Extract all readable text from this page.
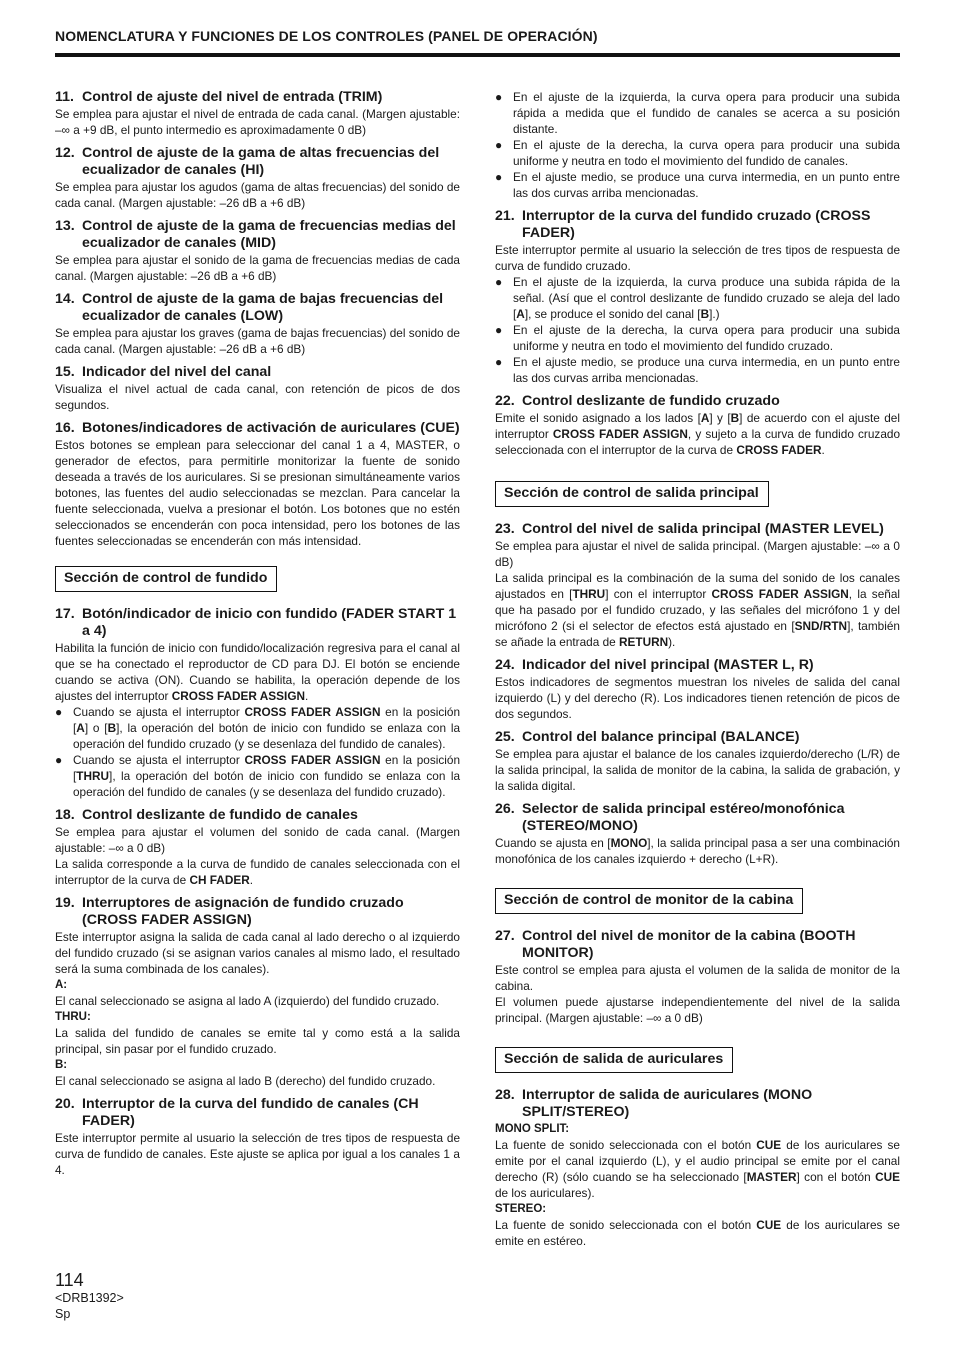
NOMENCLATURA Y FUNCIONES DE LOS CONTROLES (PANEL DE OPERACIÓN)
11. Control de ajuste del nivel de entrada (TRIM)

Se emplea para ajustar el nivel de entrada de cada canal. (Margen ajustable: –∞ a +9 dB, el punto intermedio es aproximadamente 0 dB)

12. Control de ajuste de la gama de altas frecuencias del ecualizador de canales (HI)

Se emplea para ajustar los agudos (gama de altas frecuencias) del sonido de cada canal. (Margen ajustable: –26 dB a +6 dB)

13. Control de ajuste de la gama de frecuencias medias del ecualizador de canales (MID)

Se emplea para ajustar el sonido de la gama de frecuencias medias de cada canal. (Margen ajustable: –26 dB a +6 dB)

14. Control de ajuste de la gama de bajas frecuencias del ecualizador de canales (LOW)

Se emplea para ajustar los graves (gama de bajas frecuencias) del sonido de cada canal. (Margen ajustable: –26 dB a +6 dB)

15. Indicador del nivel del canal

Visualiza el nivel actual de cada canal, con retención de picos de dos segundos.

16. Botones/indicadores de activación de auriculares (CUE)

Estos botones se emplean para seleccionar del canal 1 a 4, MASTER, o generador de efectos, para permitirle monitorizar la fuente de sonido deseada a través de los auriculares. Si se presionan simultáneamente varios botones, las fuentes del audio seleccionadas se mezclan. Para cancelar la fuente seleccionada, vuelva a presionar el botón. Los botones que no estén seleccionados se encenderán con poca intensidad, pero los botones de las fuentes seleccionadas se encenderán con más intensidad.

Sección de control de fundido
17. Botón/indicador de inicio con fundido (FADER START 1 a 4)

Habilita la función de inicio con fundido/localización regresiva para el canal al que se ha conectado el reproductor de CD para DJ. El botón se enciende cuando se activa (ON). Cuando se habilita, la operación depende de los ajustes del interruptor CROSS FADER ASSIGN.

● Cuando se ajusta el interruptor CROSS FADER ASSIGN en la posición [A] o [B], la operación del botón de inicio con fundido se enlaza con la operación del fundido cruzado (y se desenlaza del fundido de canales).
● Cuando se ajusta el interruptor CROSS FADER ASSIGN en la posición [THRU], la operación del botón de inicio con fundido se enlaza con la operación del fundido de canales (y se desenlaza del fundido cruzado).
18. Control deslizante de fundido de canales

Se emplea para ajustar el volumen del sonido de cada canal. (Margen ajustable: –∞ a 0 dB)

La salida corresponde a la curva de fundido de canales seleccionada con el interruptor de la curva de CH FADER.

19. Interruptores de asignación de fundido cruzado (CROSS FADER ASSIGN)

Este interruptor asigna la salida de cada canal al lado derecho o al izquierdo del fundido cruzado (si se asignan varios canales al mismo lado, el resultado será la suma combinada de los canales).

A:

El canal seleccionado se asigna al lado A (izquierdo) del fundido cruzado.

THRU:

La salida del fundido de canales se emite tal y como está a la salida principal, sin pasar por el fundido cruzado.

B:

El canal seleccionado se asigna al lado B (derecho) del fundido cruzado.

20. Interruptor de la curva del fundido de canales (CH FADER)

Este interruptor permite al usuario la selección de tres tipos de respuesta de curva de fundido de canales. Este ajuste se aplica por igual a los canales 1 a 4.

● En el ajuste de la izquierda, la curva opera para producir una subida rápida a medida que el fundido de canales se acerca a su posición distante.
● En el ajuste de la derecha, la curva opera para producir una subida uniforme y neutra en todo el movimiento del fundido de canales.
● En el ajuste medio, se produce una curva intermedia, en un punto entre las dos curvas arriba mencionadas.
21. Interruptor de la curva del fundido cruzado (CROSS FADER)

Este interruptor permite al usuario la selección de tres tipos de respuesta de curva de fundido cruzado.

● En el ajuste de la izquierda, la curva produce una subida rápida de la señal. (Así que el control deslizante de fundido cruzado se aleja del lado [A], se produce el sonido del canal [B].)
● En el ajuste de la derecha, la curva opera para producir una subida uniforme y neutra en todo el movimiento del fundido cruzado.
● En el ajuste medio, se produce una curva intermedia, en un punto entre las dos curvas arriba mencionadas.
22. Control deslizante de fundido cruzado

Emite el sonido asignado a los lados [A] y [B] de acuerdo con el ajuste del interruptor CROSS FADER ASSIGN, y sujeto a la curva de fundido cruzado seleccionada con el interruptor de la curva de CROSS FADER.

Sección de control de salida principal
23. Control del nivel de salida principal (MASTER LEVEL)

Se emplea para ajustar el nivel de salida principal. (Margen ajustable: –∞ a 0 dB)

La salida principal es la combinación de la suma del sonido de los canales ajustados en [THRU] con el interruptor CROSS FADER ASSIGN, la señal que ha pasado por el fundido cruzado, y las señales del micrófono 1 y del micrófono 2 (si el selector de efectos está ajustado en [SND/RTN], también se añade la entrada de RETURN).

24. Indicador del nivel principal (MASTER L, R)

Estos indicadores de segmentos muestran los niveles de salida del canal izquierdo (L) y del derecho (R). Los indicadores tienen retención de picos de dos segundos.

25. Control del balance principal (BALANCE)

Se emplea para ajustar el balance de los canales izquierdo/derecho (L/R) de la salida principal, la salida de monitor de la cabina, la salida de grabación, y la salida digital.

26. Selector de salida principal estéreo/monofónica (STEREO/MONO)

Cuando se ajusta en [MONO], la salida principal pasa a ser una combinación monofónica de los canales izquierdo + derecho (L+R).

Sección de control de monitor de la cabina
27. Control del nivel de monitor de la cabina (BOOTH MONITOR)

Este control se emplea para ajusta el volumen de la salida de monitor de la cabina.

El volumen puede ajustarse independientemente del nivel de la salida principal. (Margen ajustable: –∞ a 0 dB)

Sección de salida de auriculares
28. Interruptor de salida de auriculares (MONO SPLIT/STEREO)
MONO SPLIT:

La fuente de sonido seleccionada con el botón CUE de los auriculares se emite por el canal izquierdo (L), y el audio principal se emite por el canal derecho (R) (sólo cuando se ha seleccionado [MASTER] con el botón CUE de los auriculares).

STEREO:

La fuente de sonido seleccionada con el botón CUE de los auriculares se emite en estéreo.

114
<DRB1392>
Sp
